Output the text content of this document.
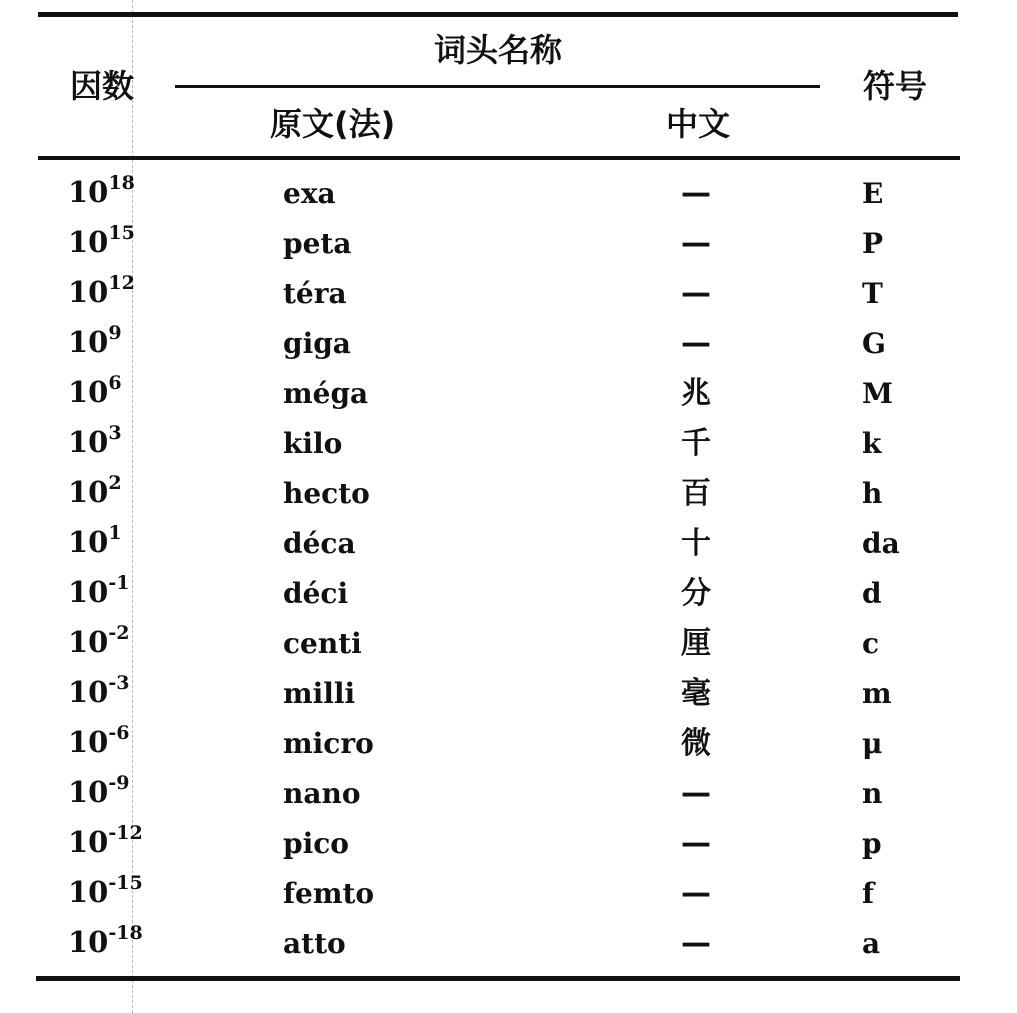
因数
词头名称
符号
原文(法)	中文
$10^{18}$	exa	—	E
$10^{15}$	peta	—	P
$10^{12}$	téra	—	T
$10^9$	giga	—	G
$10^6$	méga	兆	M
$10^3$	kilo	千	k
$10^2$	hecto	百	h
$10^1$	déca	十	da
$10^{-1}$	déci	分	d
$10^{-2}$	centi	厘	c
$10^{-3}$	milli	毫	m
$10^{-6}$	micro	微	μ
$10^{-9}$	nano	—	n
$10^{-12}$	pico	—	p
$10^{-15}$	femto	—	f
$10^{-18}$	atto	—	a
